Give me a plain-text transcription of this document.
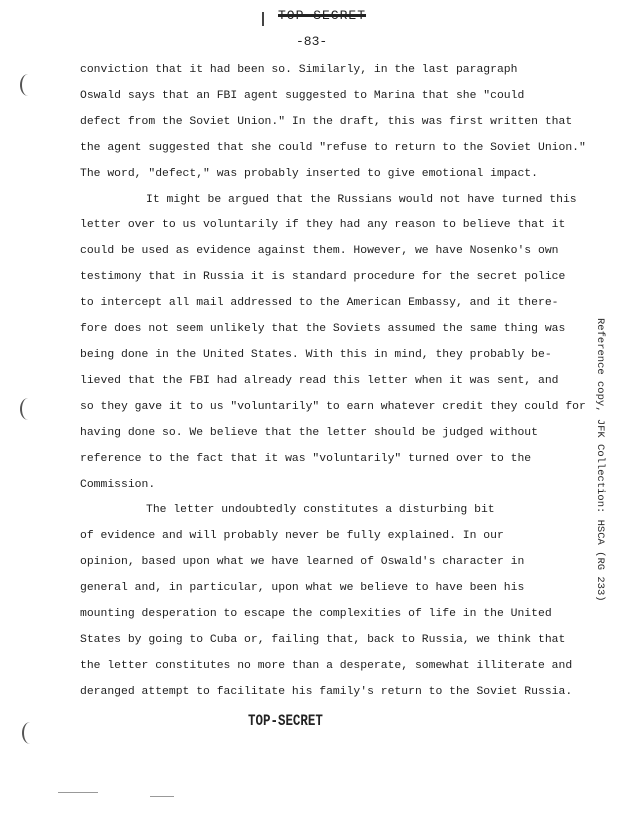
TOP SECRET
-83-

conviction that it had been so. Similarly, in the last paragraph
Oswald says that an FBI agent suggested to Marina that she "could
defect from the Soviet Union." In the draft, this was first written that
the agent suggested that she could "refuse to return to the Soviet Union."
The word, "defect," was probably inserted to give emotional impact.

It might be argued that the Russians would not have turned this
letter over to us voluntarily if they had any reason to believe that it
could be used as evidence against them. However, we have Nosenko's own
testimony that in Russia it is standard procedure for the secret police
to intercept all mail addressed to the American Embassy, and it there-
fore does not seem unlikely that the Soviets assumed the same thing was
being done in the United States. With this in mind, they probably be-
lieved that the FBI had already read this letter when it was sent, and
so they gave it to us "voluntarily" to earn whatever credit they could for
having done so. We believe that the letter should be judged without
reference to the fact that it was "voluntarily" turned over to the
Commission.

The letter undoubtedly constitutes a disturbing bit
of evidence and will probably never be fully explained. In our
opinion, based upon what we have learned of Oswald's character in
general and, in particular, upon what we believe to have been his
mounting desperation to escape the complexities of life in the United
States by going to Cuba or, failing that, back to Russia, we think that
the letter constitutes no more than a desperate, somewhat illiterate and
deranged attempt to facilitate his family's return to the Soviet Russia.

TOP-SECRET
Reference copy, JFK Collection: HSCA (RG 233)
